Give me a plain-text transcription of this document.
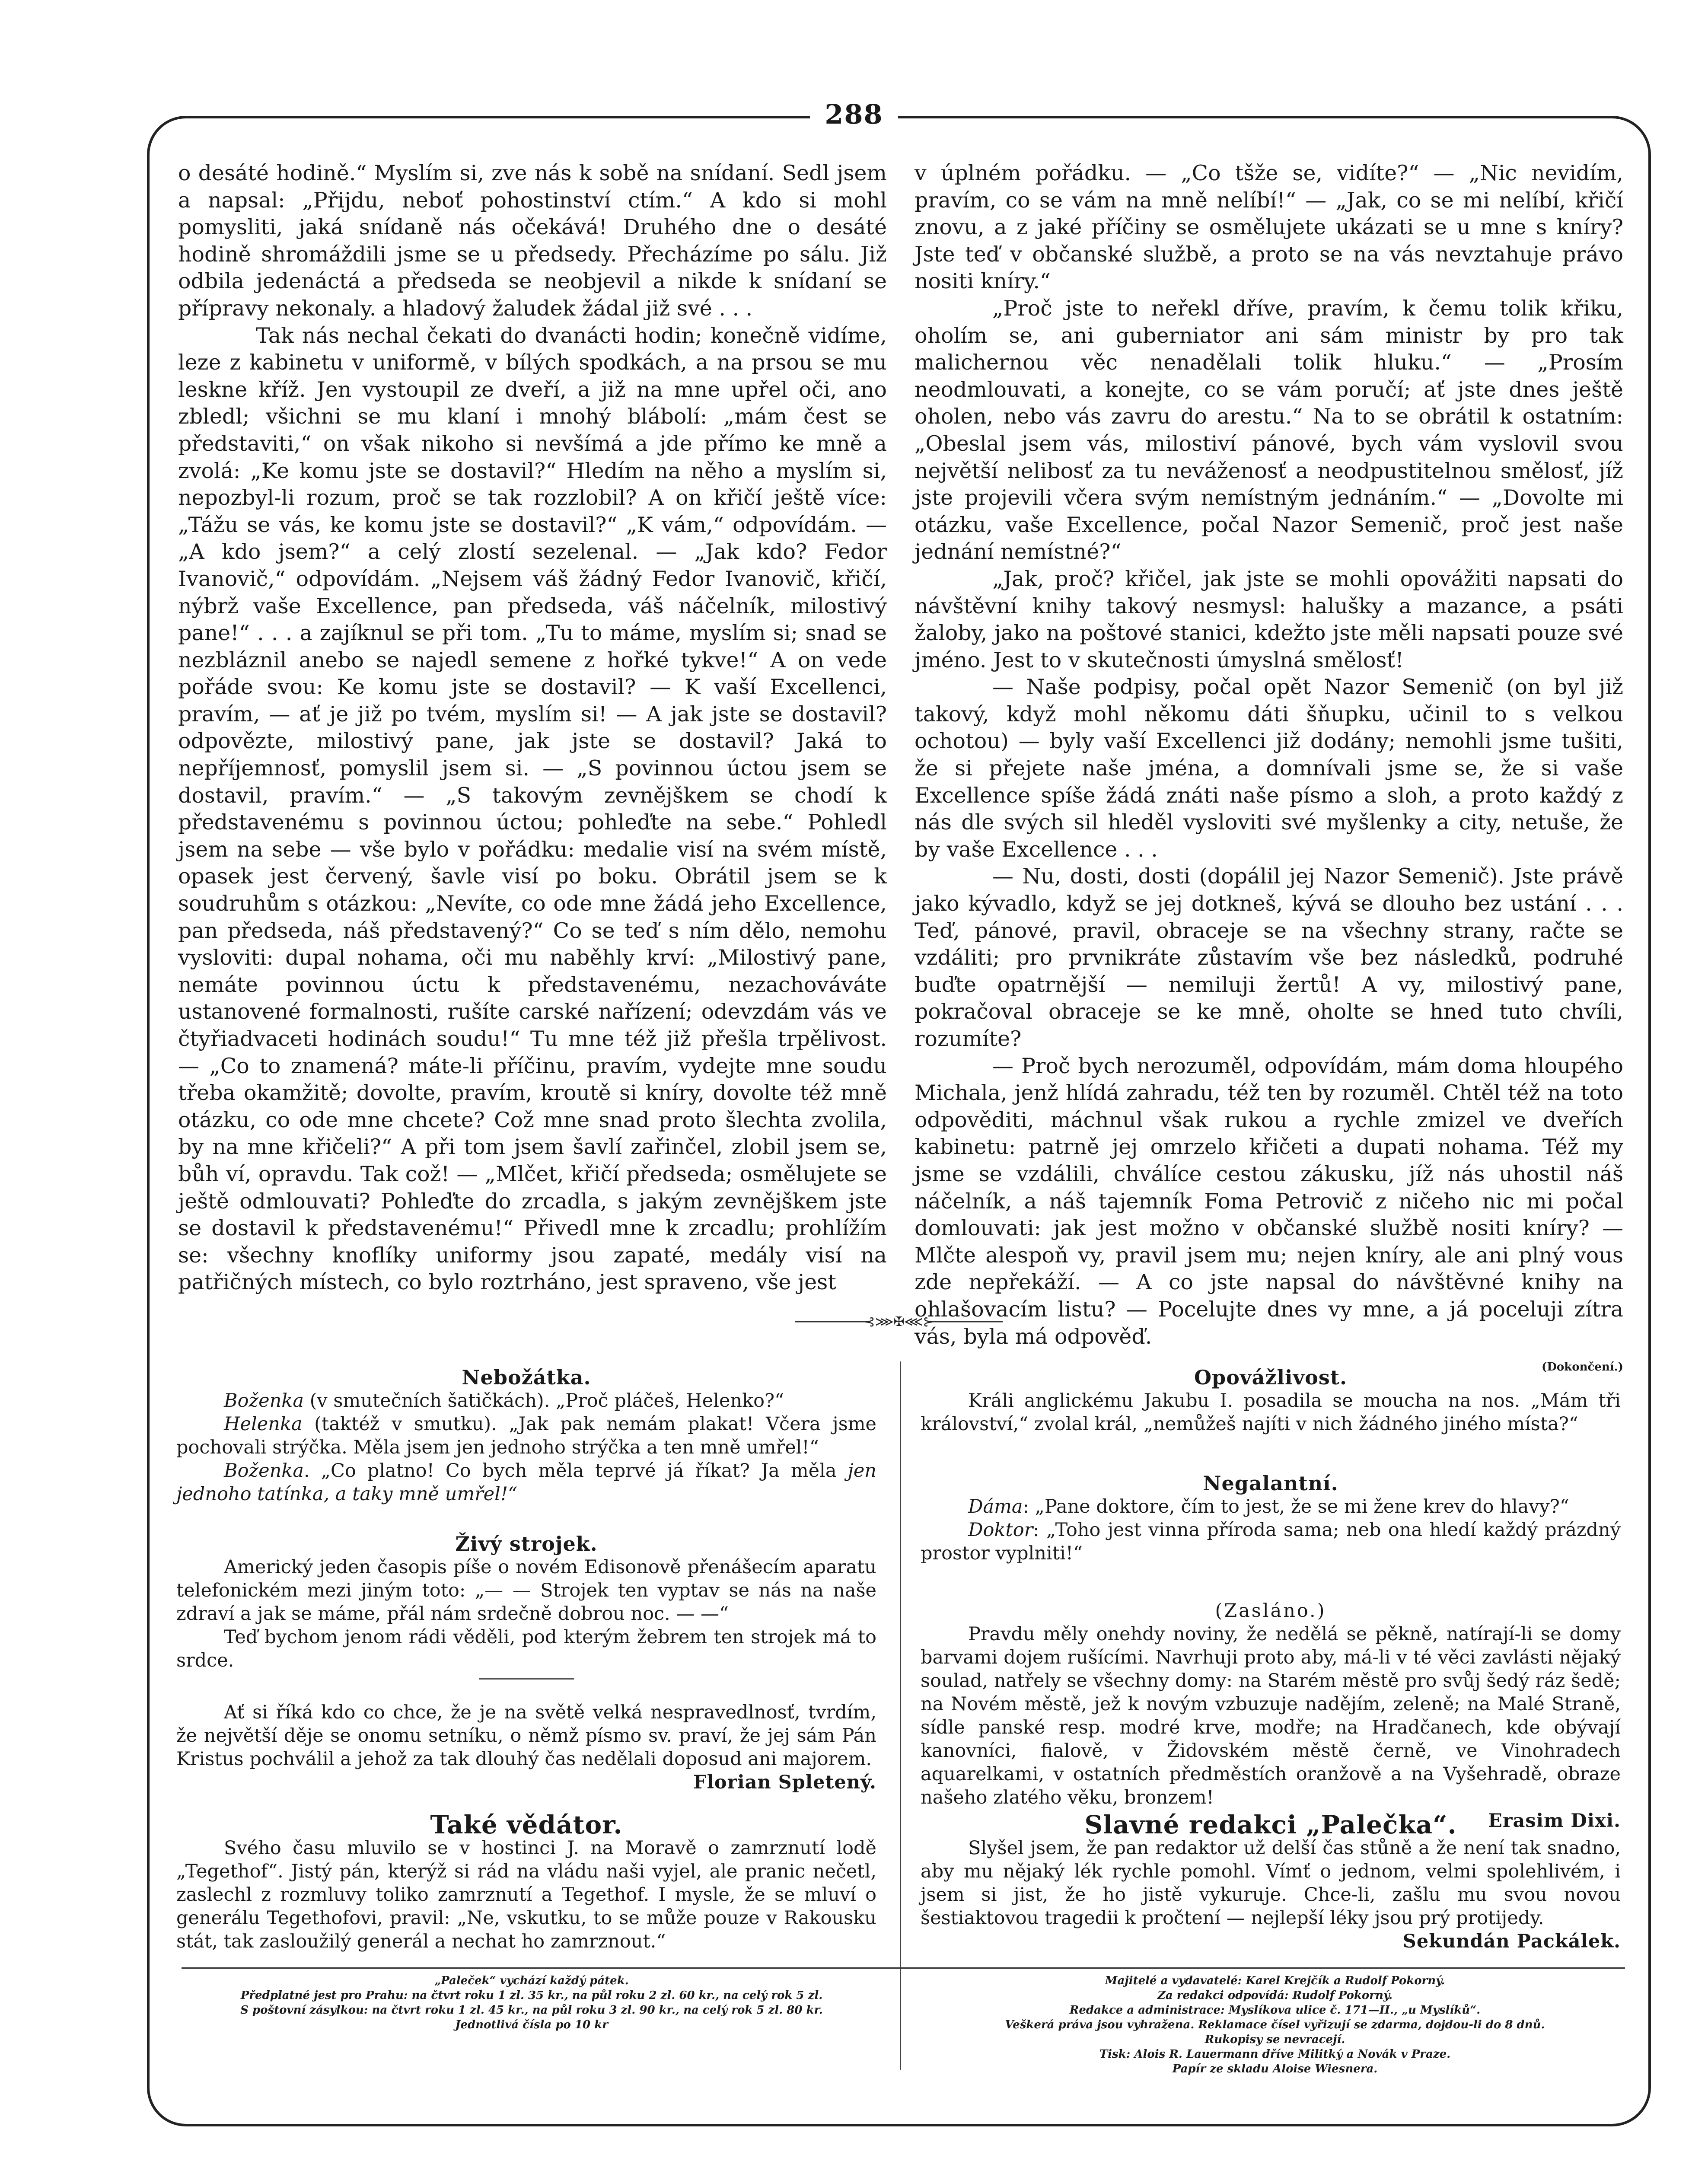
288

o desáté hodině.“ Myslím si, zve nás k sobě na snídaní. Sedl jsem a napsal: „Přijdu, neboť pohostinství ctím.“ A kdo si mohl pomysliti, jaká snídaně nás očekává! Druhého dne o desáté hodině shromáždili jsme se u předsedy. Přecházíme po sálu. Již odbila jedenáctá a předseda se neobjevil a nikde k snídaní se přípravy nekonaly. a hladový žaludek žádal již své . . .

Tak nás nechal čekati do dvanácti hodin; konečně vidíme, leze z kabinetu v uniformě, v bílých spodkách, a na prsou se mu leskne kříž. Jen vystoupil ze dveří, a již na mne upřel oči, ano zbledl; všichni se mu klaní i mnohý blábolí: „mám čest se představiti,“ on však nikoho si nevšímá a jde přímo ke mně a zvolá: „Ke komu jste se dostavil?“ Hledím na něho a myslím si, nepozbyl-li rozum, proč se tak rozzlobil? A on křičí ještě více: „Tážu se vás, ke komu jste se dostavil?“ „K vám,“ odpovídám. — „A kdo jsem?“ a celý zlostí sezelenal. — „Jak kdo? Fedor Ivanovič,“ odpovídám. „Nejsem váš žádný Fedor Ivanovič, křičí, nýbrž vaše Excellence, pan předseda, váš náčelník, milostivý pane!“ . . . a zajíknul se při tom. „Tu to máme, myslím si; snad se nezbláznil anebo se najedl semene z hořké tykve!“ A on vede pořáde svou: Ke komu jste se dostavil? — K vaší Excellenci, pravím, — ať je již po tvém, myslím si! — A jak jste se dostavil? odpovězte, milostivý pane, jak jste se dostavil? Jaká to nepříjemnosť, pomyslil jsem si. — „S povinnou úctou jsem se dostavil, pravím.“ — „S takovým zevnějškem se chodí k představenému s povinnou úctou; pohleďte na sebe.“ Pohledl jsem na sebe — vše bylo v pořádku: medalie visí na svém místě, opasek jest červený, šavle visí po boku. Obrátil jsem se k soudruhům s otázkou: „Nevíte, co ode mne žádá jeho Excellence, pan předseda, náš představený?“ Co se teď s ním dělo, nemohu vysloviti: dupal nohama, oči mu naběhly krví: „Milostivý pane, nemáte povinnou úctu k představenému, nezachováváte ustanovené formalnosti, rušíte carské nařízení; odevzdám vás ve čtyřiadvaceti hodinách soudu!“ Tu mne též již přešla trpělivost. — „Co to znamená? máte-li příčinu, pravím, vydejte mne soudu třeba okamžitě; dovolte, pravím, kroutě si kníry, dovolte též mně otázku, co ode mne chcete? Což mne snad proto šlechta zvolila, by na mne křičeli?“ A při tom jsem šavlí zařinčel, zlobil jsem se, bůh ví, opravdu. Tak což! — „Mlčet, křičí předseda; osmělujete se ještě odmlouvati? Pohleďte do zrcadla, s jakým zevnějškem jste se dostavil k představenému!“ Přivedl mne k zrcadlu; prohlížím se: všechny knoflíky uniformy jsou zapaté, medály visí na patřičných místech, co bylo roztrháno, jest spraveno, vše jest

v úplném pořádku. — „Co tšže se, vidíte?“ — „Nic nevidím, pravím, co se vám na mně nelíbí!“ — „Jak, co se mi nelíbí, křičí znovu, a z jaké příčiny se osmělujete ukázati se u mne s kníry? Jste teď v občanské službě, a proto se na vás nevztahuje právo nositi kníry.“

„Proč jste to neřekl dříve, pravím, k čemu tolik křiku, oholím se, ani guberniator ani sám ministr by pro tak malichernou věc nenadělali tolik hluku.“ — „Prosím neodmlouvati, a konejte, co se vám poručí; ať jste dnes ještě oholen, nebo vás zavru do arestu.“ Na to se obrátil k ostatním: „Obeslal jsem vás, milostiví pánové, bych vám vyslovil svou největší nelibosť za tu neváženosť a neodpustitelnou smělosť, jíž jste projevili včera svým nemístným jednáním.“ — „Dovolte mi otázku, vaše Excellence, počal Nazor Semenič, proč jest naše jednání nemístné?“

„Jak, proč? křičel, jak jste se mohli opovážiti napsati do návštěvní knihy takový nesmysl: halušky a mazance, a psáti žaloby, jako na poštové stanici, kdežto jste měli napsati pouze své jméno. Jest to v skutečnosti úmyslná smělosť!

— Naše podpisy, počal opět Nazor Semenič (on byl již takový, když mohl někomu dáti šňupku, učinil to s velkou ochotou) — byly vaší Excellenci již dodány; nemohli jsme tušiti, že si přejete naše jména, a domnívali jsme se, že si vaše Excellence spíše žádá znáti naše písmo a sloh, a proto každý z nás dle svých sil hleděl vysloviti své myšlenky a city, netuše, že by vaše Excellence . . .

— Nu, dosti, dosti (dopálil jej Nazor Semenič). Jste právě jako kývadlo, když se jej dotkneš, kývá se dlouho bez ustání . . . Teď, pánové, pravil, obraceje se na všechny strany, račte se vzdáliti; pro prvnikráte zůstavím vše bez následků, podruhé buďte opatrnější — nemiluji žertů! A vy, milostivý pane, pokračoval obraceje se ke mně, oholte se hned tuto chvíli, rozumíte?

— Proč bych nerozuměl, odpovídám, mám doma hloupého Michala, jenž hlídá zahradu, též ten by rozuměl. Chtěl též na toto odpověditi, máchnul však rukou a rychle zmizel ve dveřích kabinetu: patrně jej omrzelo křičeti a dupati nohama. Též my jsme se vzdálili, chválíce cestou zákusku, jíž nás uhostil náš náčelník, a náš tajemník Foma Petrovič z ničeho nic mi počal domlouvati: jak jest možno v občanské službě nositi kníry? — Mlčte alespoň vy, pravil jsem mu; nejen kníry, ale ani plný vous zde nepřekáží. — A co jste napsal do návštěvné knihy na ohlašovacím listu? — Pocelujte dnes vy mne, a já poceluji zítra vás, byla má odpověď.

(Dokončení.)

⊰⋙✠⋘⊱
Nebožátka.

Boženka (v smutečních šatičkách). „Proč pláčeš, Helenko?“

Helenka (taktéž v smutku). „Jak pak nemám plakat! Včera jsme pochovali strýčka. Měla jsem jen jednoho strýčka a ten mně umřel!“

Boženka. „Co platno! Co bych měla teprvé já říkat? Ja měla jen jednoho tatínka, a taky mně umřel!“

Živý strojek.

Americký jeden časopis píše o novém Edisonově přenášecím aparatu telefonickém mezi jiným toto: „— — Strojek ten vyptav se nás na naše zdraví a jak se máme, přál nám srdečně dobrou noc. — —“

Teď bychom jenom rádi věděli, pod kterým žebrem ten strojek má to srdce.

Ať si říká kdo co chce, že je na světě velká nespravedlnosť, tvrdím, že největší děje se onomu setníku, o němž písmo sv. praví, že jej sám Pán Kristus pochválil a jehož za tak dlouhý čas nedělali doposud ani majorem.

Florian Spletený.

Také vědátor.

Svého času mluvilo se v hostinci J. na Moravě o zamrznutí lodě „Tegethof“. Jistý pán, kterýž si rád na vládu naši vyjel, ale pranic nečetl, zaslechl z rozmluvy toliko zamrznutí a Tegethof. I mysle, že se mluví o generálu Tegethofovi, pravil: „Ne, vskutku, to se může pouze v Rakousku stát, tak zasloužilý generál a nechat ho zamrznout.“

Opovážlivost.

Králi anglickému Jakubu I. posadila se moucha na nos. „Mám tři království,“ zvolal král, „nemůžeš najíti v nich žádného jiného místa?“

Negalantní.

Dáma: „Pane doktore, čím to jest, že se mi žene krev do hlavy?“

Doktor: „Toho jest vinna příroda sama; neb ona hledí každý prázdný prostor vyplniti!“

(Zasláno.)

Pravdu měly onehdy noviny, že nedělá se pěkně, natírají-li se domy barvami dojem rušícími. Navrhuji proto aby, má-li v té věci zavlásti nějaký soulad, natřely se všechny domy: na Starém městě pro svůj šedý ráz šedě; na Novém městě, jež k novým vzbuzuje nadějím, zeleně; na Malé Straně, sídle panské resp. modré krve, modře; na Hradčanech, kde obývají kanovníci, fialově, v Židovském městě černě, ve Vinohradech aquarelkami, v ostatních předměstích oranžově a na Vyšehradě, obraze našeho zlatého věku, bronzem!

Erasim Dixi.

Slavné redakci „Palečka“.

Slyšel jsem, že pan redaktor už delší čas stůně a že není tak snadno, aby mu nějaký lék rychle pomohl. Vímť o jednom, velmi spolehlivém, i jsem si jist, že ho jistě vykuruje. Chce-li, zašlu mu svou novou šestiaktovou tragedii k pročtení — nejlepší léky jsou prý protijedy.

Sekundán Packálek.

„Paleček“ vychází každý pátek.
Předplatné jest pro Prahu: na čtvrt roku 1 zl. 35 kr., na půl roku 2 zl. 60 kr., na celý rok 5 zl.
S poštovní zásylkou: na čtvrt roku 1 zl. 45 kr., na půl roku 3 zl. 90 kr., na celý rok 5 zl. 80 kr.
Jednotlivá čísla po 10 kr
Majitelé a vydavatelé: Karel Krejčík a Rudolf Pokorný.
Za redakci odpovídá: Rudolf Pokorný.
Redakce a administrace: Myslíkova ulice č. 171—II., „u Myslíků“.
Veškerá práva jsou vyhražena. Reklamace čísel vyřizují se zdarma, dojdou-li do 8 dnů.
Rukopisy se nevracejí.
Tisk: Alois R. Lauermann dříve Militký a Novák v Praze.
Papír ze skladu Aloise Wiesnera.
